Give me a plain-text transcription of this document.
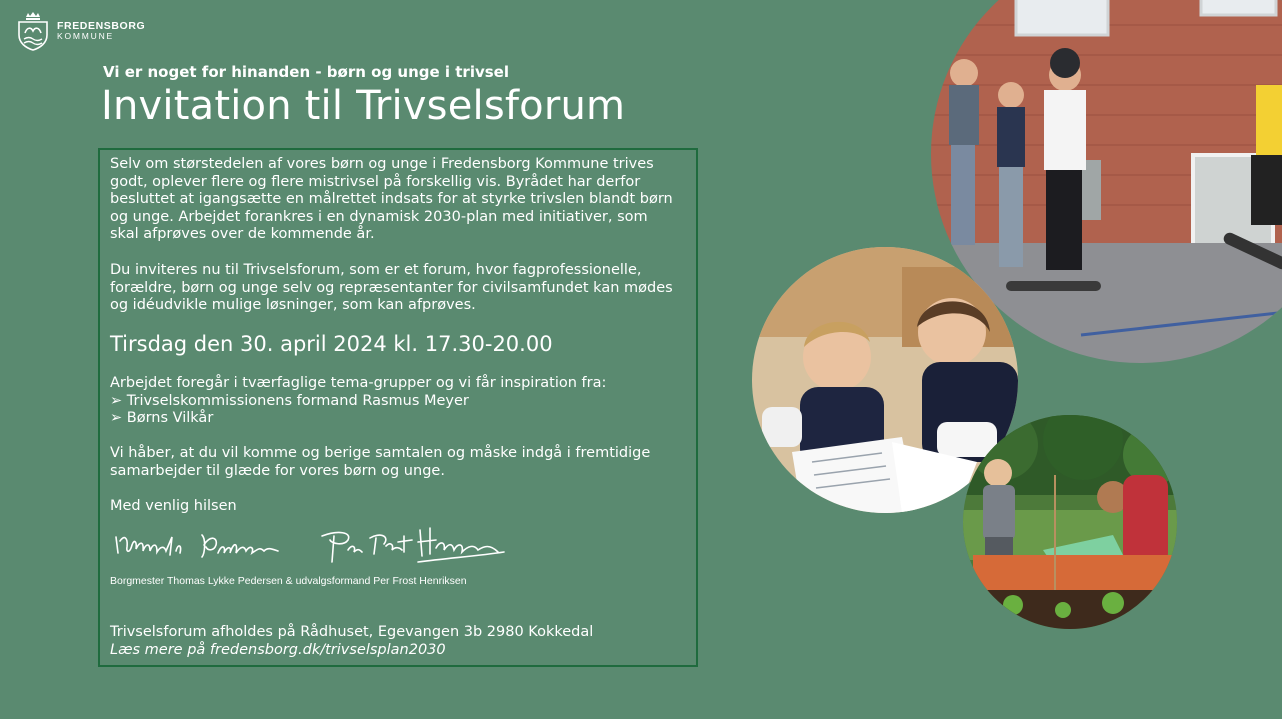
FREDENSBORG
KOMMUNE
Vi er noget for hinanden - børn og unge i trivsel
Invitation til Trivselsforum
Selv om størstedelen af vores børn og unge i Fredensborg Kommune trives
godt, oplever flere og flere mistrivsel på forskellig vis. Byrådet har derfor
besluttet at igangsætte en målrettet indsats for at styrke trivslen blandt børn
og unge. Arbejdet forankres i en dynamisk 2030-plan med initiativer, som
skal afprøves over de kommende år.
Du inviteres nu til Trivselsforum, som er et forum, hvor fagprofessionelle,
forældre, børn og unge selv og repræsentanter for civilsamfundet kan mødes
og idéudvikle mulige løsninger, som kan afprøves.
Tirsdag den 30. april 2024 kl. 17.30-20.00
Arbejdet foregår i tværfaglige tema-grupper og vi får inspiration fra:
➢ Trivselskommissionens formand Rasmus Meyer
➢ Børns Vilkår
Vi håber, at du vil komme og berige samtalen og måske indgå i fremtidige
samarbejder til glæde for vores børn og unge.
Med venlig hilsen
Borgmester Thomas Lykke Pedersen & udvalgsformand Per Frost Henriksen
Trivselsforum afholdes på Rådhuset, Egevangen 3b 2980 Kokkedal
Læs mere på fredensborg.dk/trivselsplan2030
